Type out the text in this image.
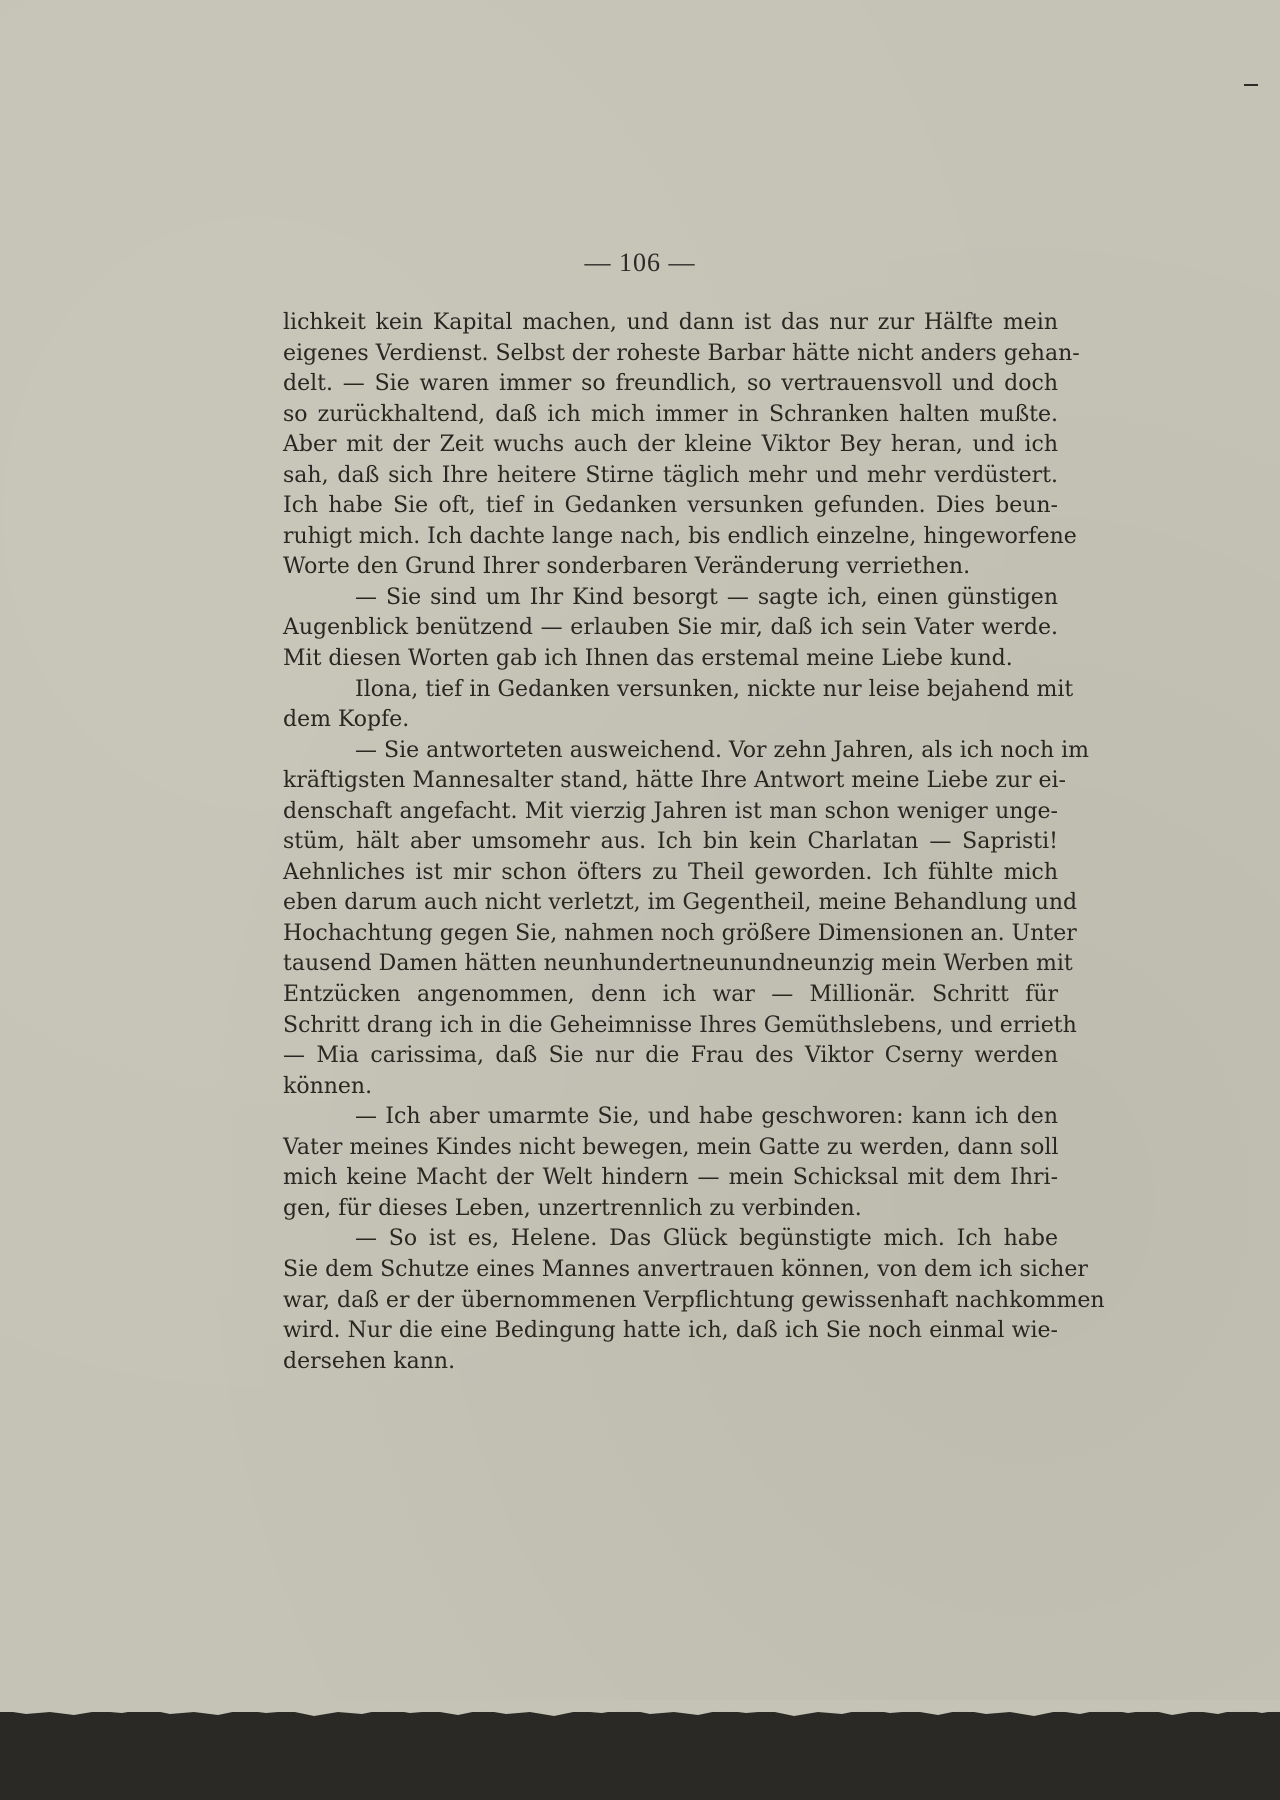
— 106 —
lichkeit kein Kapital machen, und dann ist das nur zur Hälfte mein
eigenes Verdienst. Selbst der roheste Barbar hätte nicht anders gehan-
delt. — Sie waren immer so freundlich, so vertrauensvoll und doch
so zurückhaltend, daß ich mich immer in Schranken halten mußte.
Aber mit der Zeit wuchs auch der kleine Viktor Bey heran, und ich
sah, daß sich Ihre heitere Stirne täglich mehr und mehr verdüstert.
Ich habe Sie oft, tief in Gedanken versunken gefunden. Dies beun-
ruhigt mich. Ich dachte lange nach, bis endlich einzelne, hingeworfene
Worte den Grund Ihrer sonderbaren Veränderung verriethen.
— Sie sind um Ihr Kind besorgt — sagte ich, einen günstigen
Augenblick benützend — erlauben Sie mir, daß ich sein Vater werde.
Mit diesen Worten gab ich Ihnen das erstemal meine Liebe kund.
Ilona, tief in Gedanken versunken, nickte nur leise bejahend mit
dem Kopfe.
— Sie antworteten ausweichend. Vor zehn Jahren, als ich noch im
kräftigsten Mannesalter stand, hätte Ihre Antwort meine Liebe zur ei-
denschaft angefacht. Mit vierzig Jahren ist man schon weniger unge-
stüm, hält aber umsomehr aus. Ich bin kein Charlatan — Sapristi!
Aehnliches ist mir schon öfters zu Theil geworden. Ich fühlte mich
eben darum auch nicht verletzt, im Gegentheil, meine Behandlung und
Hochachtung gegen Sie, nahmen noch größere Dimensionen an. Unter
tausend Damen hätten neunhundertneunundneunzig mein Werben mit
Entzücken angenommen, denn ich war — Millionär. Schritt für
Schritt drang ich in die Geheimnisse Ihres Gemüthslebens, und errieth
— Mia carissima, daß Sie nur die Frau des Viktor Cserny werden
können.
— Ich aber umarmte Sie, und habe geschworen: kann ich den
Vater meines Kindes nicht bewegen, mein Gatte zu werden, dann soll
mich keine Macht der Welt hindern — mein Schicksal mit dem Ihri-
gen, für dieses Leben, unzertrennlich zu verbinden.
— So ist es, Helene. Das Glück begünstigte mich. Ich habe
Sie dem Schutze eines Mannes anvertrauen können, von dem ich sicher
war, daß er der übernommenen Verpflichtung gewissenhaft nachkommen
wird. Nur die eine Bedingung hatte ich, daß ich Sie noch einmal wie-
dersehen kann.
